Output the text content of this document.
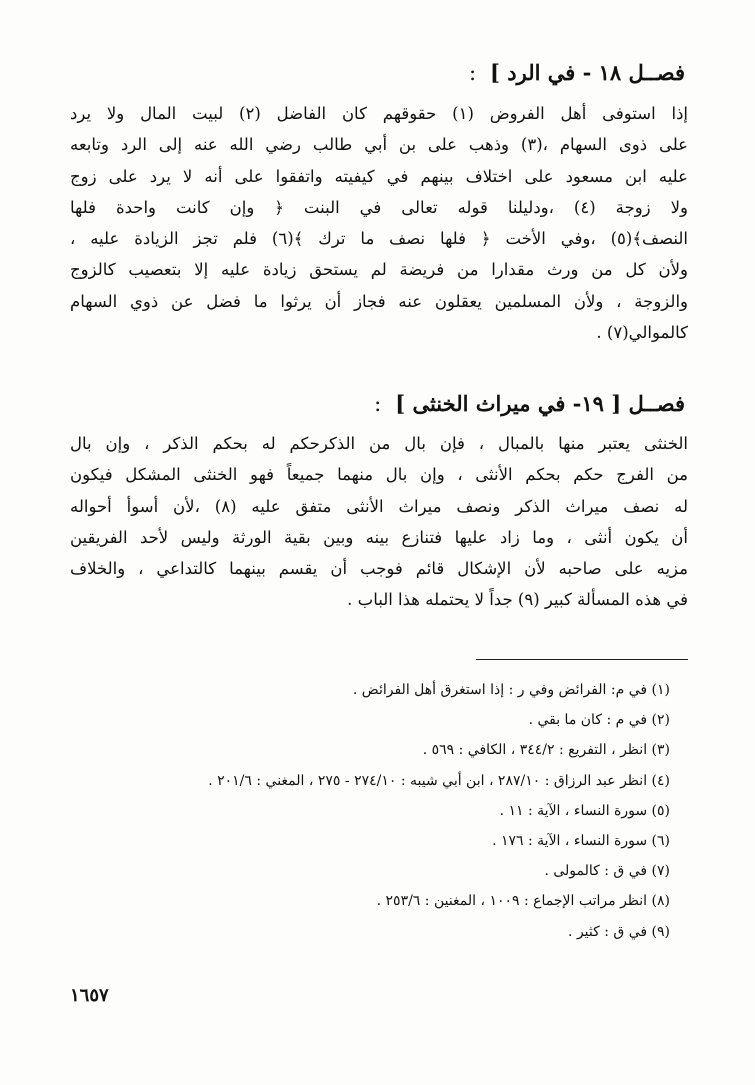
فصــل ١٨ - في الرد ]:
إذا استوفى أهل الفروض (١) حقوقهم كان الفاضل (٢) لبيت المال ولا يرد
على ذوى السهام ،(٣) وذهب على بن أبي طالب رضي الله عنه إلى الرد وتابعه
عليه ابن مسعود على اختلاف بينهم في كيفيته واتفقوا على أنه لا يرد على زوج
ولا زوجة (٤) ،ودليلنا قوله تعالى في البنت ﴿ وإن كانت واحدة فلها
النصف﴾(٥) ،وفي الأخت ﴿ فلها نصف ما ترك ﴾(٦) فلم تجز الزيادة عليه ،
ولأن كل من ورث مقدارا من فريضة لم يستحق زيادة عليه إلا بتعصيب كالزوج
والزوجة ، ولأن المسلمين يعقلون عنه فجاز أن يرثوا ما فضل عن ذوي السهام
كالموالي(٧) .
فصــل [ ١٩- في ميراث الخنثى ]:
الخنثى يعتبر منها بالمبال ، فإن بال من الذكرحكم له بحكم الذكر ، وإن بال
من الفرج حكم بحكم الأنثى ، وإن بال منهما جميعاً فهو الخنثى المشكل فيكون
له نصف ميراث الذكر ونصف ميراث الأنثى متفق عليه (٨) ،لأن أسوأ أحواله
أن يكون أنثى ، وما زاد عليها فتنازع بينه وبين بقية الورثة وليس لأحد الفريقين
مزيه على صاحبه لأن الإشكال قائم فوجب أن يقسم بينهما كالتداعي ، والخلاف
في هذه المسألة كبير (٩) جداً لا يحتمله هذا الباب .
(١) في م: الفرائض وفي ر : إذا استغرق أهل الفرائض .
(٢) في م : كان ما بقي .
(٣) انظر ، التفريع : ٣٤٤/٢ ، الكافي : ٥٦٩ .
(٤) انظر عبد الرزاق : ٢٨٧/١٠ ، ابن أبي شيبه : ٢٧٤/١٠ - ٢٧٥ ، المغني : ٢٠١/٦ .
(٥) سورة النساء ، الآية : ١١ .
(٦) سورة النساء ، الآية : ١٧٦ .
(٧) في ق : كالمولى .
(٨) انظر مراتب الإجماع : ١٠٠٩ ، المغنين : ٢٥٣/٦ .
(٩) في ق : كثير .
١٦٥٧
